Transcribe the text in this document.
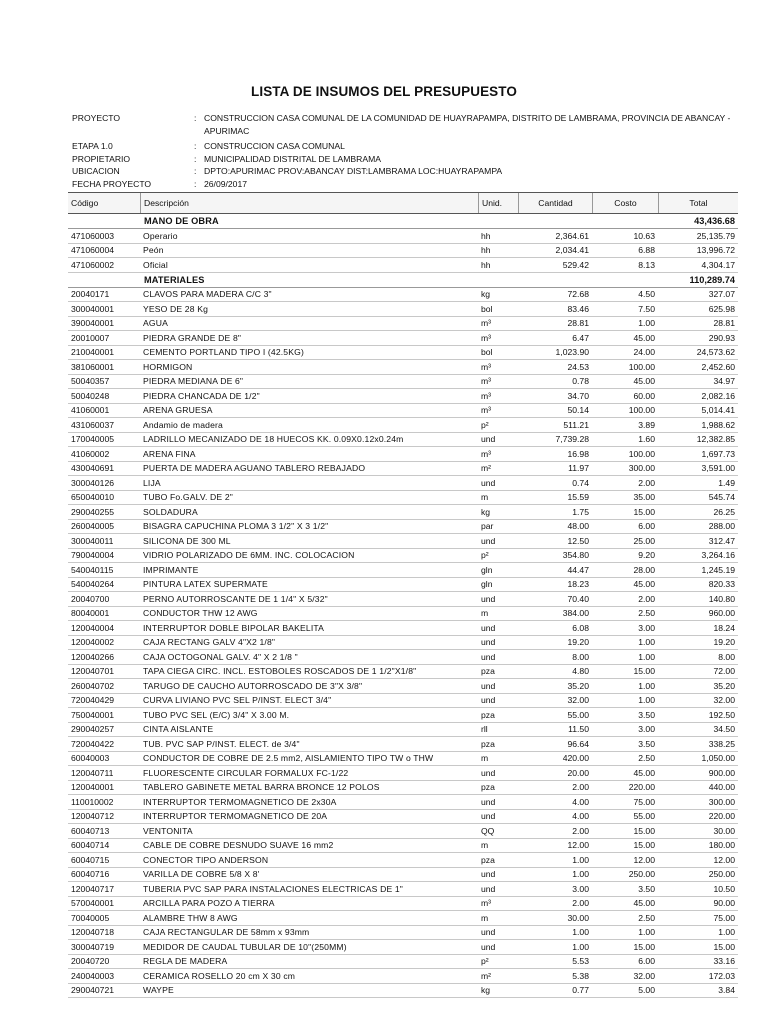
LISTA DE INSUMOS DEL PRESUPUESTO
PROYECTO	: CONSTRUCCION CASA COMUNAL DE LA COMUNIDAD DE HUAYRAPAMPA, DISTRITO DE LAMBRAMA, PROVINCIA DE ABANCAY - APURIMAC
ETAPA 1.0	: CONSTRUCCION CASA COMUNAL
PROPIETARIO	: MUNICIPALIDAD DISTRITAL DE LAMBRAMA
UBICACION	: DPTO:APURIMAC PROV:ABANCAY DIST:LAMBRAMA LOC:HUAYRAPAMPA
FECHA PROYECTO	: 26/09/2017
Código	Descripción	Unid.	Cantidad	Costo	Total
MANO DE OBRA	43,436.68
471060003	Operario	hh	2,364.61	10.63	25,135.79
471060004	Peón	hh	2,034.41	6.88	13,996.72
471060002	Oficial	hh	529.42	8.13	4,304.17
MATERIALES	110,289.74
20040171	CLAVOS PARA MADERA C/C 3"	kg	72.68	4.50	327.07
300040001	YESO DE 28 Kg	bol	83.46	7.50	625.98
390040001	AGUA	m³	28.81	1.00	28.81
20010007	PIEDRA GRANDE DE 8"	m³	6.47	45.00	290.93
210040001	CEMENTO PORTLAND TIPO I (42.5KG)	bol	1,023.90	24.00	24,573.62
381060001	HORMIGON	m³	24.53	100.00	2,452.60
50040357	PIEDRA MEDIANA DE 6"	m³	0.78	45.00	34.97
50040248	PIEDRA CHANCADA DE 1/2"	m³	34.70	60.00	2,082.16
41060001	ARENA GRUESA	m³	50.14	100.00	5,014.41
431060037	Andamio de madera	p²	511.21	3.89	1,988.62
170040005	LADRILLO MECANIZADO DE 18 HUECOS KK. 0.09X0.12x0.24m	und	7,739.28	1.60	12,382.85
41060002	ARENA FINA	m³	16.98	100.00	1,697.73
430040691	PUERTA DE MADERA AGUANO TABLERO REBAJADO	m²	11.97	300.00	3,591.00
300040126	LIJA	und	0.74	2.00	1.49
650040010	TUBO Fo.GALV. DE 2"	m	15.59	35.00	545.74
290040255	SOLDADURA	kg	1.75	15.00	26.25
260040005	BISAGRA CAPUCHINA PLOMA 3 1/2" X 3 1/2"	par	48.00	6.00	288.00
300040011	SILICONA DE 300 ML	und	12.50	25.00	312.47
790040004	VIDRIO POLARIZADO DE 6MM. INC. COLOCACION	p²	354.80	9.20	3,264.16
540040115	IMPRIMANTE	gln	44.47	28.00	1,245.19
540040264	PINTURA LATEX SUPERMATE	gln	18.23	45.00	820.33
20040700	PERNO AUTORROSCANTE DE 1 1/4" X 5/32"	und	70.40	2.00	140.80
80040001	CONDUCTOR THW 12 AWG	m	384.00	2.50	960.00
120040004	INTERRUPTOR DOBLE BIPOLAR BAKELITA	und	6.08	3.00	18.24
120040002	CAJA RECTANG GALV 4"X2 1/8"	und	19.20	1.00	19.20
120040266	CAJA OCTOGONAL GALV. 4" X 2 1/8 "	und	8.00	1.00	8.00
120040701	TAPA CIEGA CIRC. INCL. ESTOBOLES ROSCADOS DE 1 1/2"X1/8"	pza	4.80	15.00	72.00
260040702	TARUGO DE CAUCHO AUTORROSCADO DE 3"X 3/8"	und	35.20	1.00	35.20
720040429	CURVA LIVIANO PVC SEL P/INST. ELECT 3/4"	und	32.00	1.00	32.00
750040001	TUBO PVC SEL (E/C) 3/4" X 3.00 M.	pza	55.00	3.50	192.50
290040257	CINTA AISLANTE	rll	11.50	3.00	34.50
720040422	TUB. PVC SAP P/INST. ELECT. de 3/4"	pza	96.64	3.50	338.25
60040003	CONDUCTOR DE COBRE DE 2.5 mm2, AISLAMIENTO TIPO TW o THW	m	420.00	2.50	1,050.00
120040711	FLUORESCENTE CIRCULAR FORMALUX FC-1/22	und	20.00	45.00	900.00
120040001	TABLERO GABINETE METAL BARRA BRONCE 12 POLOS	pza	2.00	220.00	440.00
110010002	INTERRUPTOR TERMOMAGNETICO DE 2x30A	und	4.00	75.00	300.00
120040712	INTERRUPTOR TERMOMAGNETICO DE 20A	und	4.00	55.00	220.00
60040713	VENTONITA	QQ	2.00	15.00	30.00
60040714	CABLE DE COBRE DESNUDO SUAVE 16 mm2	m	12.00	15.00	180.00
60040715	CONECTOR TIPO ANDERSON	pza	1.00	12.00	12.00
60040716	VARILLA DE COBRE 5/8 X 8'	und	1.00	250.00	250.00
120040717	TUBERIA PVC SAP PARA INSTALACIONES ELECTRICAS DE 1"	und	3.00	3.50	10.50
570040001	ARCILLA PARA POZO A TIERRA	m³	2.00	45.00	90.00
70040005	ALAMBRE THW 8 AWG	m	30.00	2.50	75.00
120040718	CAJA RECTANGULAR DE 58mm x 93mm	und	1.00	1.00	1.00
300040719	MEDIDOR DE CAUDAL TUBULAR DE 10"(250MM)	und	1.00	15.00	15.00
20040720	REGLA DE MADERA	p²	5.53	6.00	33.16
240040003	CERAMICA ROSELLO 20 cm X 30 cm	m²	5.38	32.00	172.03
290040721	WAYPE	kg	0.77	5.00	3.84
